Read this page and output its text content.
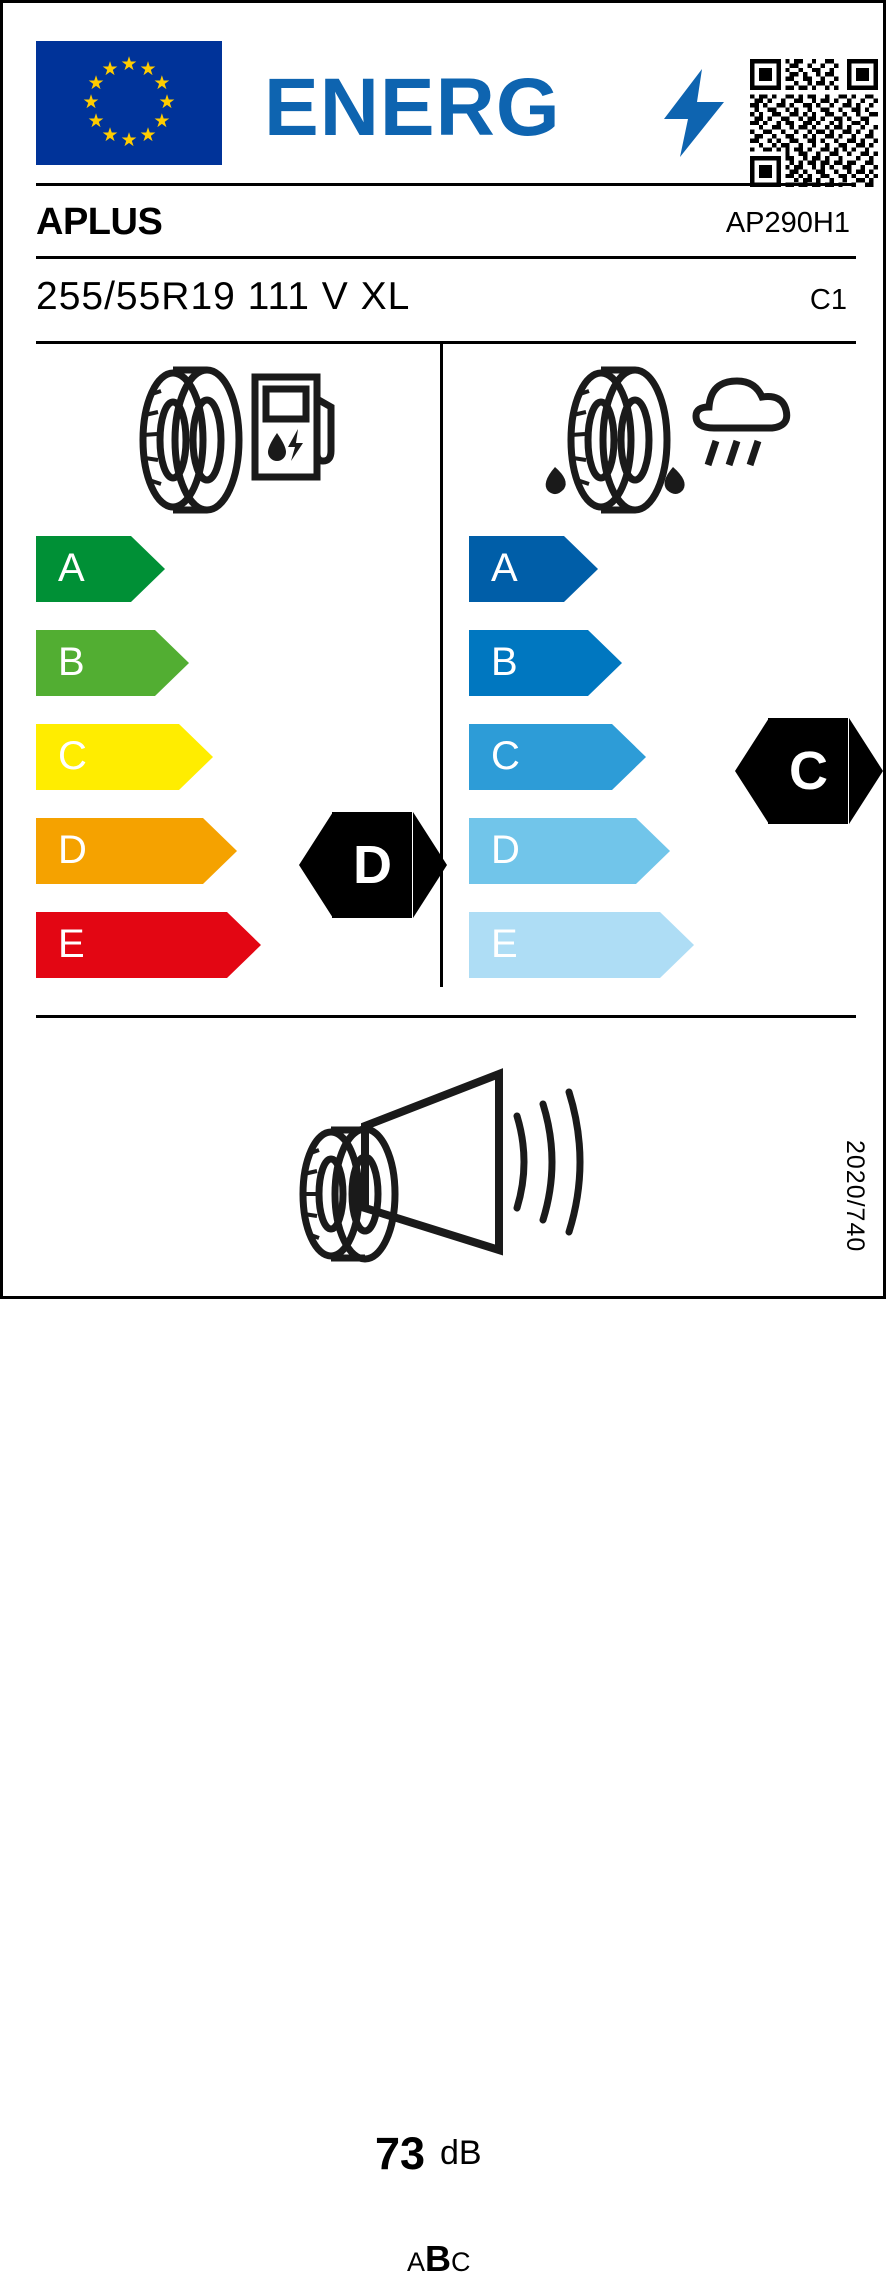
★ ★
★
★
★
★
★
★
★
★
★
★ ENERG
APLUS	AP290H1
255/55R19 111 V XL	C1
A
B
C
D
E
D
A
B
C
D
E
C
73 dB
ABC
2020/740
